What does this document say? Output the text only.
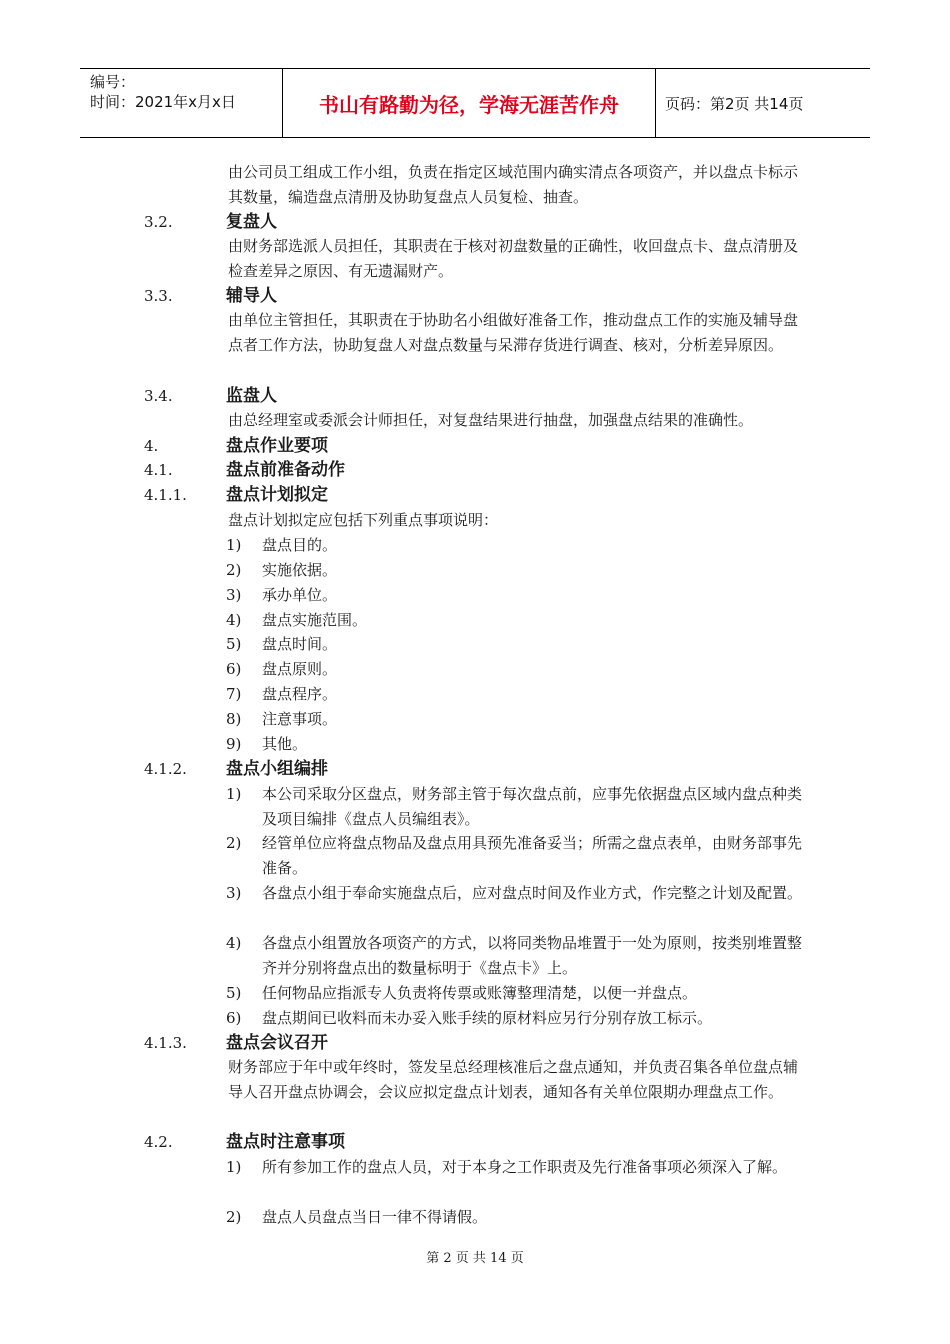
编号：
时间：2021年x月x日	书山有路勤为径，学海无涯苦作舟	页码：第2页 共14页
由公司员工组成工作小组，负责在指定区域范围内确实清点各项资产，并以盘点卡标示其数量，编造盘点清册及协助复盘点人员复检、抽查。
3.2.	复盘人
由财务部选派人员担任，其职责在于核对初盘数量的正确性，收回盘点卡、盘点清册及检查差异之原因、有无遗漏财产。
3.3.	辅导人
由单位主管担任，其职责在于协助名小组做好准备工作，推动盘点工作的实施及辅导盘点者工作方法，协助复盘人对盘点数量与呆滞存货进行调查、核对，分析差异原因。
3.4.	监盘人
由总经理室或委派会计师担任，对复盘结果进行抽盘，加强盘点结果的准确性。
4.	盘点作业要项
4.1.	盘点前准备动作
4.1.1. 盘点计划拟定
盘点计划拟定应包括下列重点事项说明：
1) 盘点目的。
2) 实施依据。
3) 承办单位。
4) 盘点实施范围。
5) 盘点时间。
6) 盘点原则。
7) 盘点程序。
8) 注意事项。
9) 其他。
4.1.2. 盘点小组编排
1) 本公司采取分区盘点，财务部主管于每次盘点前，应事先依据盘点区域内盘点种类及项目编排《盘点人员编组表》。
2) 经管单位应将盘点物品及盘点用具预先准备妥当；所需之盘点表单，由财务部事先准备。
3) 各盘点小组于奉命实施盘点后，应对盘点时间及作业方式，作完整之计划及配置。
4) 各盘点小组置放各项资产的方式，以将同类物品堆置于一处为原则，按类别堆置整齐并分别将盘点出的数量标明于《盘点卡》上。
5) 任何物品应指派专人负责将传票或账簿整理清楚，以便一并盘点。
6) 盘点期间已收料而未办妥入账手续的原材料应另行分别存放工标示。
4.1.3. 盘点会议召开
财务部应于年中或年终时，签发呈总经理核准后之盘点通知，并负责召集各单位盘点辅导人召开盘点协调会，会议应拟定盘点计划表，通知各有关单位限期办理盘点工作。
4.2.	盘点时注意事项
1) 所有参加工作的盘点人员，对于本身之工作职责及先行准备事项必须深入了解。
2) 盘点人员盘点当日一律不得请假。
第 2 页 共 14 页
